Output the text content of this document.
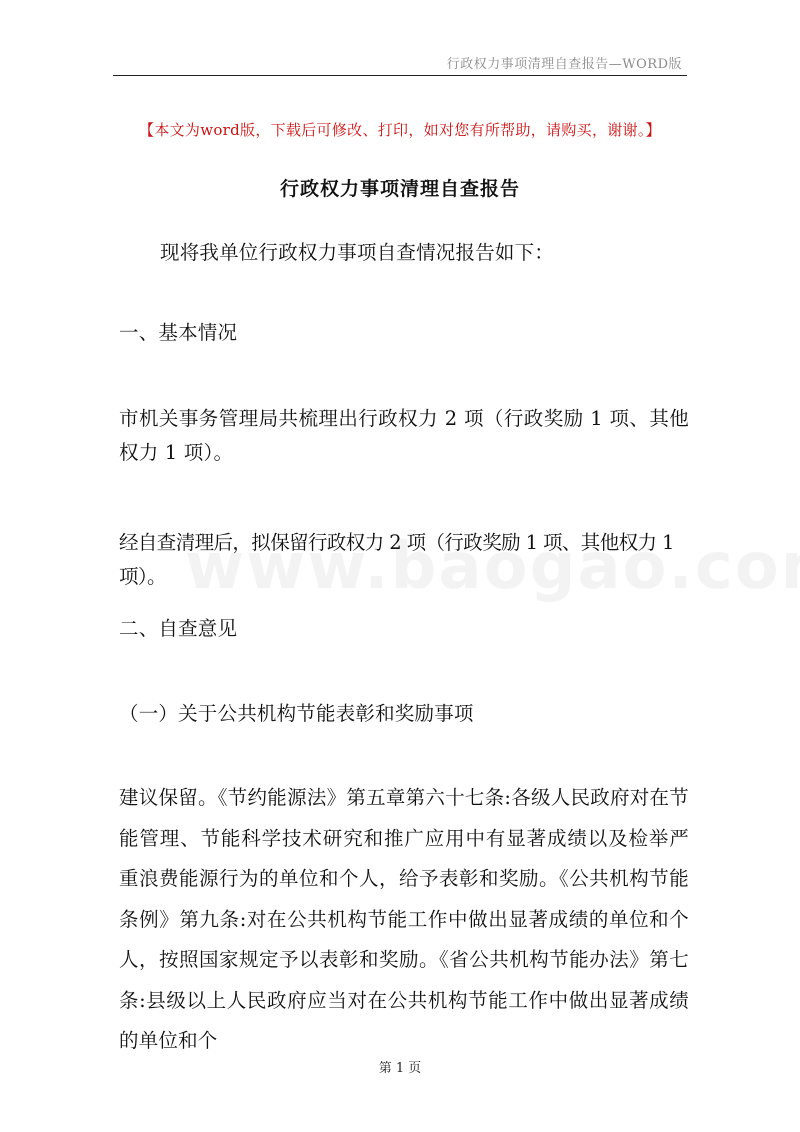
行政权力事项清理自查报告—WORD版
【本文为word版，下载后可修改、打印，如对您有所帮助，请购买，谢谢。】
行政权力事项清理自查报告
现将我单位行政权力事项自查情况报告如下：
一、基本情况
市机关事务管理局共梳理出行政权力 2 项（行政奖励 1 项、其他权力 1 项）。
经自查清理后，拟保留行政权力 2 项（行政奖励 1 项、其他权力 1 项）。
二、自查意见
（一）关于公共机构节能表彰和奖励事项
建议保留。《节约能源法》第五章第六十七条:各级人民政府对在节能管理、节能科学技术研究和推广应用中有显著成绩以及检举严重浪费能源行为的单位和个人，给予表彰和奖励。《公共机构节能条例》第九条:对在公共机构节能工作中做出显著成绩的单位和个人，按照国家规定予以表彰和奖励。《省公共机构节能办法》第七条:县级以上人民政府应当对在公共机构节能工作中做出显著成绩的单位和个
第 1 页
